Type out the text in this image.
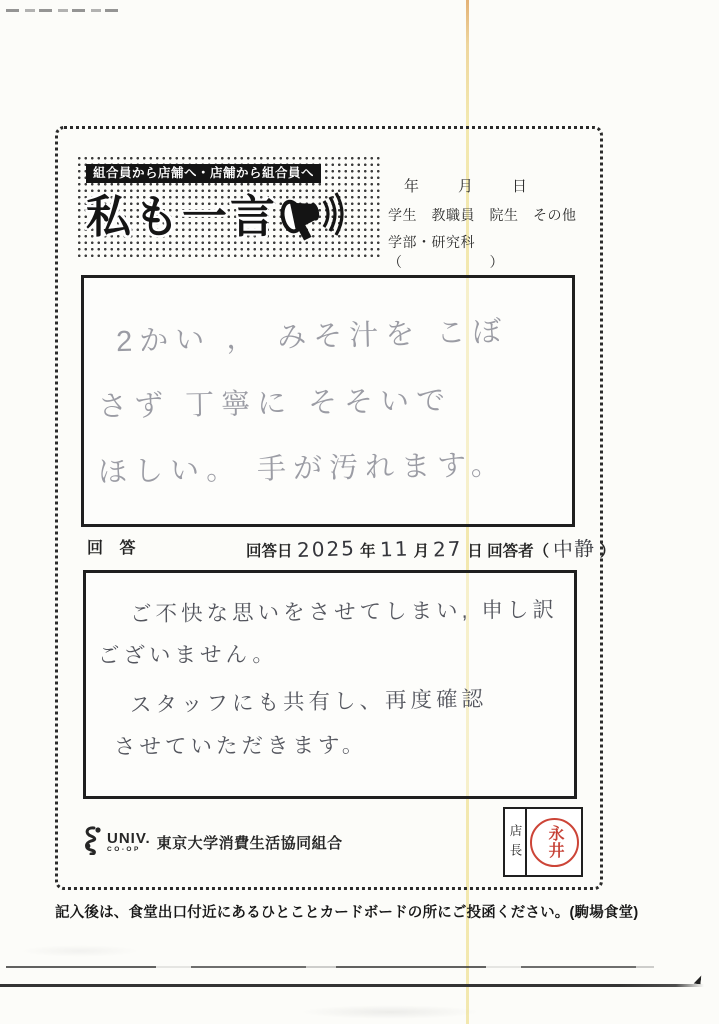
組合員から店舗へ・店舗から組合員へ
私も一言
年　　月　　日
学生　教職員　院生　その他
学部・研究科（　　　　　　）
2かい ， みそ汁を こぼ
さず 丁寧に そそいで
ほしい。 手が汚れます。
回 答	回答日 2025 年 11 月 27 日 回答者（ 中静 ）
ご不快な思いをさせてしまい, 申し訳
ございません。
スタッフにも共有し、再度確認
させていただきます。
UNIV.
CO-OP	東京大学消費生活協同組合	店長	永井
記入後は、食堂出口付近にあるひとことカードボードの所にご投函ください。(駒場食堂)
